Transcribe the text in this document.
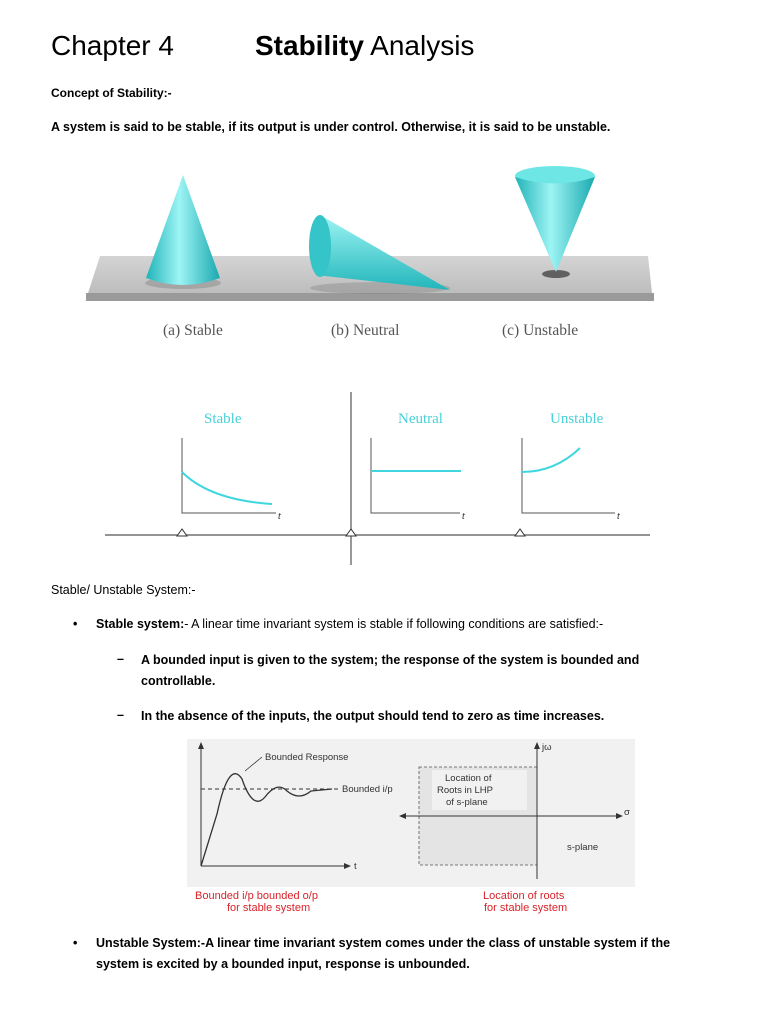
Chapter 4	Stability Analysis
Concept of Stability:-
A system is said to be stable, if its output is under control. Otherwise, it is said to be unstable.
(a) Stable	(b) Neutral	(c) Unstable
Stable	Neutral	Unstable
t	t	t
Stable/ Unstable System:-
• Stable system:- A linear time invariant system is stable if following conditions are satisfied:-
– A bounded input is given to the system; the response of the system is bounded and controllable.
– In the absence of the inputs, the output should tend to zero as time increases.
t
Bounded i/p
Bounded Response
jω
σ
Location of
Roots in LHP
of s-plane
s-plane
Bounded i/p bounded o/p
for stable system
Location of roots
for stable system
• Unstable System:-A linear time invariant system comes under the class of unstable system if the system is excited by a bounded input, response is unbounded.
